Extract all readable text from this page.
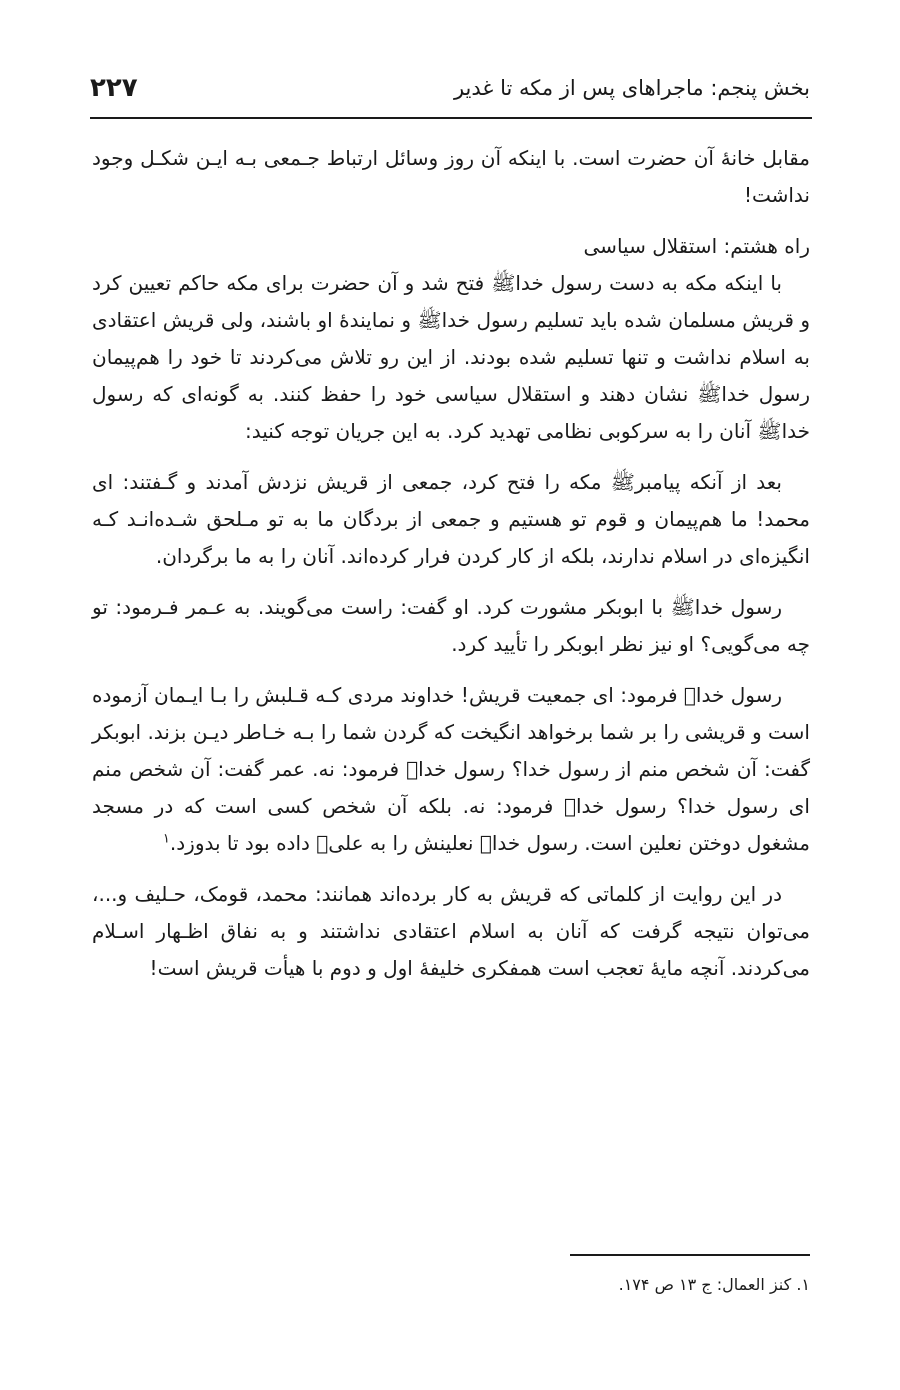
بخش پنجم: ماجراهای پس از مکه تا غدیر
۲۲۷

مقابل خانهٔ آن حضرت است. با اینکه آن روز وسائل ارتباط جـمعی بـه ایـن شکـل وجود نداشت!

راه هشتم: استقلال سیاسی

با اینکه مکه به دست رسول خداﷺ فتح شد و آن حضرت برای مکه حاکم تعیین کرد و قریش مسلمان شده باید تسلیم رسول خداﷺ و نمایندهٔ او باشند، ولی قریش اعتقادی به اسلام نداشت و تنها تسلیم شده بودند. از این رو تلاش می‌کردند تا خود را هم‌پیمان رسول خداﷺ نشان دهند و استقلال سیاسی خود را حفظ کنند. به گونه‌ای که رسول خداﷺ آنان را به سرکوبی نظامی تهدید کرد. به این جریان توجه کنید:

بعد از آنکه پیامبرﷺ مکه را فتح کرد، جمعی از قریش نزدش آمدند و گـفتند: ای محمد! ما هم‌پیمان و قوم تو هستیم و جمعی از بردگان ما به تو مـلحق شـده‌انـد کـه انگیزه‌ای در اسلام ندارند، بلکه از کار کردن فرار کرده‌اند. آنان را به ما برگردان.

رسول خداﷺ با ابوبکر مشورت کرد. او گفت: راست می‌گویند. به عـمر فـرمود: تو چه می‌گویی؟ او نیز نظر ابوبکر را تأیید کرد.

رسول خداﷺ فرمود: ای جمعیت قریش! خداوند مردی کـه قـلبش را بـا ایـمان آزموده است و قریشی را بر شما برخواهد انگیخت که گردن شما را بـه خـاطر دیـن بزند. ابوبکر گفت: آن شخص منم از رسول خدا؟ رسول خداﷺ فرمود: نه. عمر گفت: آن شخص منم ای رسول خدا؟ رسول خداﷺ فرمود: نه. بلکه آن شخص کسی است که در مسجد مشغول دوختن نعلین است. رسول خداﷺ نعلینش را به علیؑ داده بود تا بدوزد.$^۱$

در این روایت از کلماتی که قریش به کار برده‌اند همانند: محمد، قومک، حـلیف و...، می‌توان نتیجه گرفت که آنان به اسلام اعتقادی نداشتند و به نفاق اظـهار اسـلام می‌کردند. آنچه مایهٔ تعجب است همفکری خلیفهٔ اول و دوم با هیأت قریش است!

۱. کنز العمال: ج ۱۳ ص ۱۷۴.
